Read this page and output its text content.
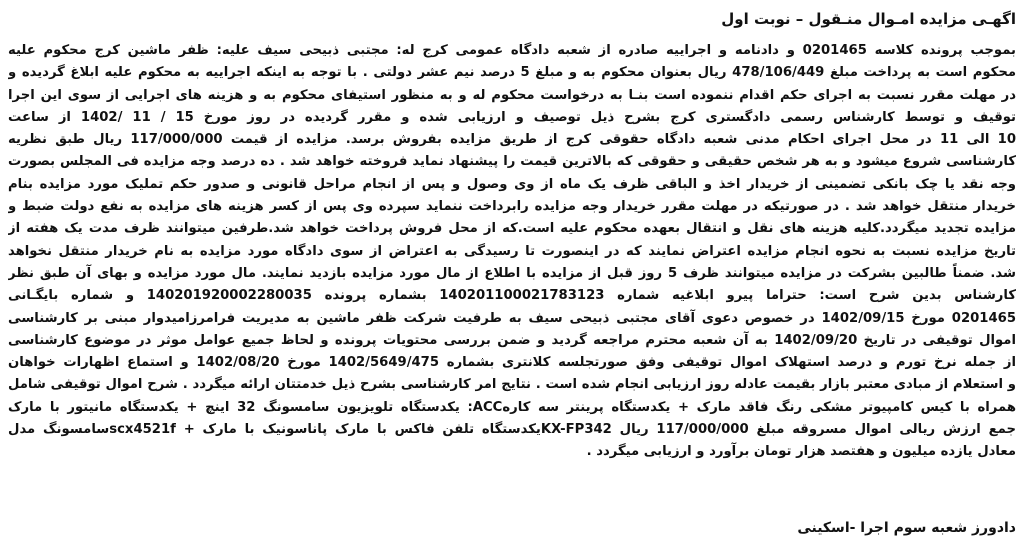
اگهـی مزایده امـوال منـقول – نوبت اول
بموجب پرونده کلاسه 0201465 و دادنامه و اجراییه صادره از شعبه دادگاه عمومی کرج له: مجتبی ذبیحی سیف علیه: ظفر ماشین کرج محکوم علیه
محکوم است به پرداخت مبلغ 478/106/449 ریال بعنوان محکوم به و مبلغ 5 درصد نیم عشر دولتی . با توجه به اینکه اجراییه به محکوم علیه ابلاغ گردیده و
در مهلت مقرر نسبت به اجرای حکم اقدام ننموده است بنـا به درخواست محکوم له و به منظور استیفای محکوم به و هزینه های اجرایی از سوی این اجرا
توقیف و توسط کارشناس رسمی دادگستری کرج بشرح ذیل توصیف و ارزیابی شده و مقرر گردیده در روز مورخ 15 / 11 /1402 از ساعت
10 الی 11 در محل اجرای احکام مدنی شعبه دادگاه حقوقی کرج از طریق مزایده بفروش برسد. مزایده از قیمت 117/000/000 ریال طبق نظریه
کارشناسی شروع میشود و به هر شخص حقیقی و حقوقی که بالاترین قیمت را پیشنهاد نماید فروخته خواهد شد . ده درصد وجه مزایده فی المجلس بصورت
وجه نقد یا چک بانکی تضمینی از خریدار اخذ و الباقی ظرف یک ماه از وی وصول و پس از انجام مراحل قانونی و صدور حکم تملیک مورد مزایده بنام
خریدار منتقل خواهد شد . در صورتیکه در مهلت مقرر خریدار وجه مزایده رابرداخت ننماید سپرده وی پس از کسر هزینه های مزایده به نفع دولت ضبط و
مزایده تجدید میگردد.کلیه هزینه های نقل و انتقال بعهده محکوم علیه است.که از محل فروش پرداخت خواهد شد.طرفین میتوانند ظرف مدت یک هفته از
تاریخ مزایده نسبت به نحوه انجام مزایده اعتراض نمایند که در اینصورت تا رسیدگی به اعتراض از سوی دادگاه مورد مزایده به نام خریدار منتقل نخواهد
شد. ضمناً طالبین بشرکت در مزایده میتوانند ظرف 5 روز قبل از مزایده با اطلاع از مال مورد مزایده بازدید نمایند. مال مورد مزایده و بهای آن طبق نظر
کارشناس بدین شرح است: حتراما پیرو ابلاغیه شماره 140201100021783123 بشماره پرونده 140201920002280035 و شماره بایگـانی
0201465 مورخ 1402/09/15 در خصوص دعوی آقای مجتبی ذبیحی سیف به طرفیت شرکت ظفر ماشین به مدیریت فرامرزامیدوار مبنی بر کارشناسی
اموال توقیفی در تاریخ 1402/09/20 به آن شعبه محترم مراجعه گردید و ضمن بررسی محتویات پرونده و لحاظ جمیع عوامل موثر در موضوع کارشناسی
از جمله نرخ تورم و درصد استهلاک اموال توقیفی وفق صورتجلسه کلانتری بشماره 1402/5649/475 مورخ 1402/08/20 و استماع اظهارات خواهان
و استعلام از مبادی معتبر بازار بقیمت عادله روز ارزیابی انجام شده است . نتایج امر کارشناسی بشرح ذیل خدمتتان ارائه میگردد . شرح اموال توقیفی شامل
همراه با کیس کامپیوتر مشکی رنگ فاقد مارک + یکدستگاه پرینتر سه کارهACC: یکدستگاه تلویزیون سامسونگ 32 اینچ + یکدستگاه مانیتور با مارک
جمع ارزش ریالی اموال مسروقه مبلغ 117/000/000 ریال KX-FP342یکدستگاه تلفن فاکس با مارک پاناسونیک با مارک + scx4521fسامسونگ مدل
معادل یازده میلیون و هفتصد هزار تومان برآورد و ارزیابی میگردد .
دادورز شعبه سوم اجرا -اسکینی
